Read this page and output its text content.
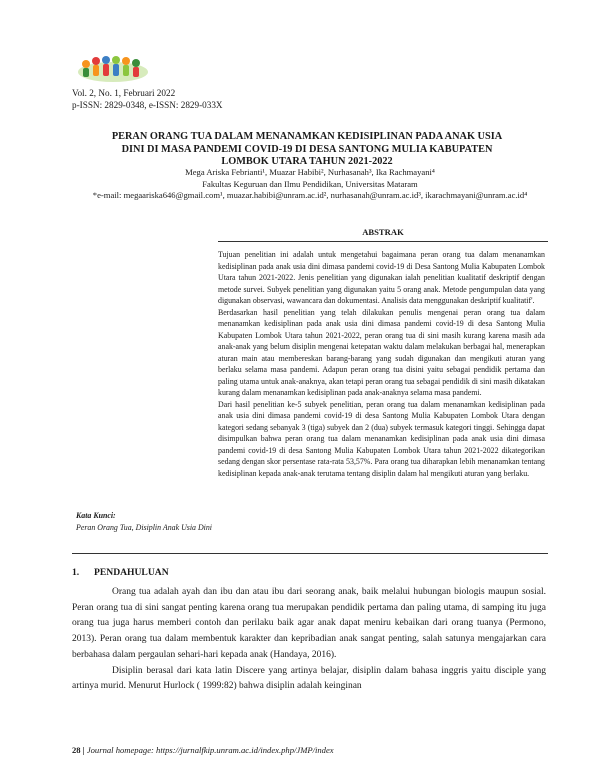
Vol. 2, No. 1, Februari 2022
p-ISSN: 2829-0348, e-ISSN: 2829-033X
PERAN ORANG TUA DALAM MENANAMKAN KEDISIPLINAN PADA ANAK USIA
DINI DI MASA PANDEMI COVID-19 DI DESA SANTONG MULIA KABUPATEN
LOMBOK UTARA TAHUN 2021-2022
Mega Ariska Febrianti¹, Muazar Habibi², Nurhasanah³, Ika Rachmayani⁴
Fakultas Keguruan dan Ilmu Pendidikan, Universitas Mataram
*e-mail: megaariska646@gmail.com¹, muazar.habibi@unram.ac.id², nurhasanah@unram.ac.id³, ikarachmayani@unram.ac.id⁴
ABSTRAK

Tujuan penelitian ini adalah untuk mengetahui bagaimana peran orang tua dalam menanamkan kedisiplinan pada anak usia dini dimasa pandemi covid-19 di Desa Santong Mulia Kabupaten Lombok Utara tahun 2021-2022. Jenis penelitian yang digunakan ialah penelitian kualitatif deskriptif dengan metode survei. Subyek penelitian yang digunakan yaitu 5 orang anak. Metode pengumpulan data yang digunakan observasi, wawancara dan dokumentasi. Analisis data menggunakan deskriptif kualitatif'.

Berdasarkan hasil penelitian yang telah dilakukan penulis mengenai peran orang tua dalam menanamkan kedisiplinan pada anak usia dini dimasa pandemi covid-19 di desa Santong Mulia Kabupaten Lombok Utara tahun 2021-2022, peran orang tua di sini masih kurang karena masih ada anak-anak yang belum disiplin mengenai ketepatan waktu dalam melakukan berbagai hal, menerapkan aturan main atau membereskan barang-barang yang sudah digunakan dan mengikuti aturan yang berlaku selama masa pandemi. Adapun peran orang tua disini yaitu sebagai pendidik pertama dan paling utama untuk anak-anaknya, akan tetapi peran orang tua sebagai pendidik di sini masih dikatakan kurang dalam menanamkan kedisiplinan pada anak-anaknya selama masa pandemi.

Dari hasil penelitian ke-5 subyek penelitian, peran orang tua dalam menanamkan kedisiplinan pada anak usia dini dimasa pandemi covid-19 di desa Santong Mulia Kabupaten Lombok Utara dengan kategori sedang sebanyak 3 (tiga) subyek dan 2 (dua) subyek termasuk kategori tinggi. Sehingga dapat disimpulkan bahwa peran orang tua dalam menanamkan kedisiplinan pada anak usia dini dimasa pandemi covid-19 di desa Santong Mulia Kabupaten Lombok Utara tahun 2021-2022 dikategorikan sedang dengan skor persentase rata-rata 53,57%. Para orang tua diharapkan lebih menanamkan tentang kedisiplinan kepada anak-anak terutama tentang disiplin dalam hal mengikuti aturan yang berlaku.

Kata Kunci:
Peran Orang Tua, Disiplin Anak Usia Dini
1. PENDAHULUAN

Orang tua adalah ayah dan ibu dan atau ibu dari seorang anak, baik melalui hubungan biologis maupun sosial. Peran orang tua di sini sangat penting karena orang tua merupakan pendidik pertama dan paling utama, di samping itu juga orang tua juga harus memberi contoh dan perilaku baik agar anak dapat meniru kebaikan dari orang tuanya (Permono, 2013). Peran orang tua dalam membentuk karakter dan kepribadian anak sangat penting, salah satunya mengajarkan cara berbahasa dalam pergaulan sehari-hari kepada anak (Handaya, 2016).

Disiplin berasal dari kata latin Discere yang artinya belajar, disiplin dalam bahasa inggris yaitu disciple yang artinya murid. Menurut Hurlock ( 1999:82) bahwa disiplin adalah keinginan

28 | Journal homepage: https://jurnalfkip.unram.ac.id/index.php/JMP/index
